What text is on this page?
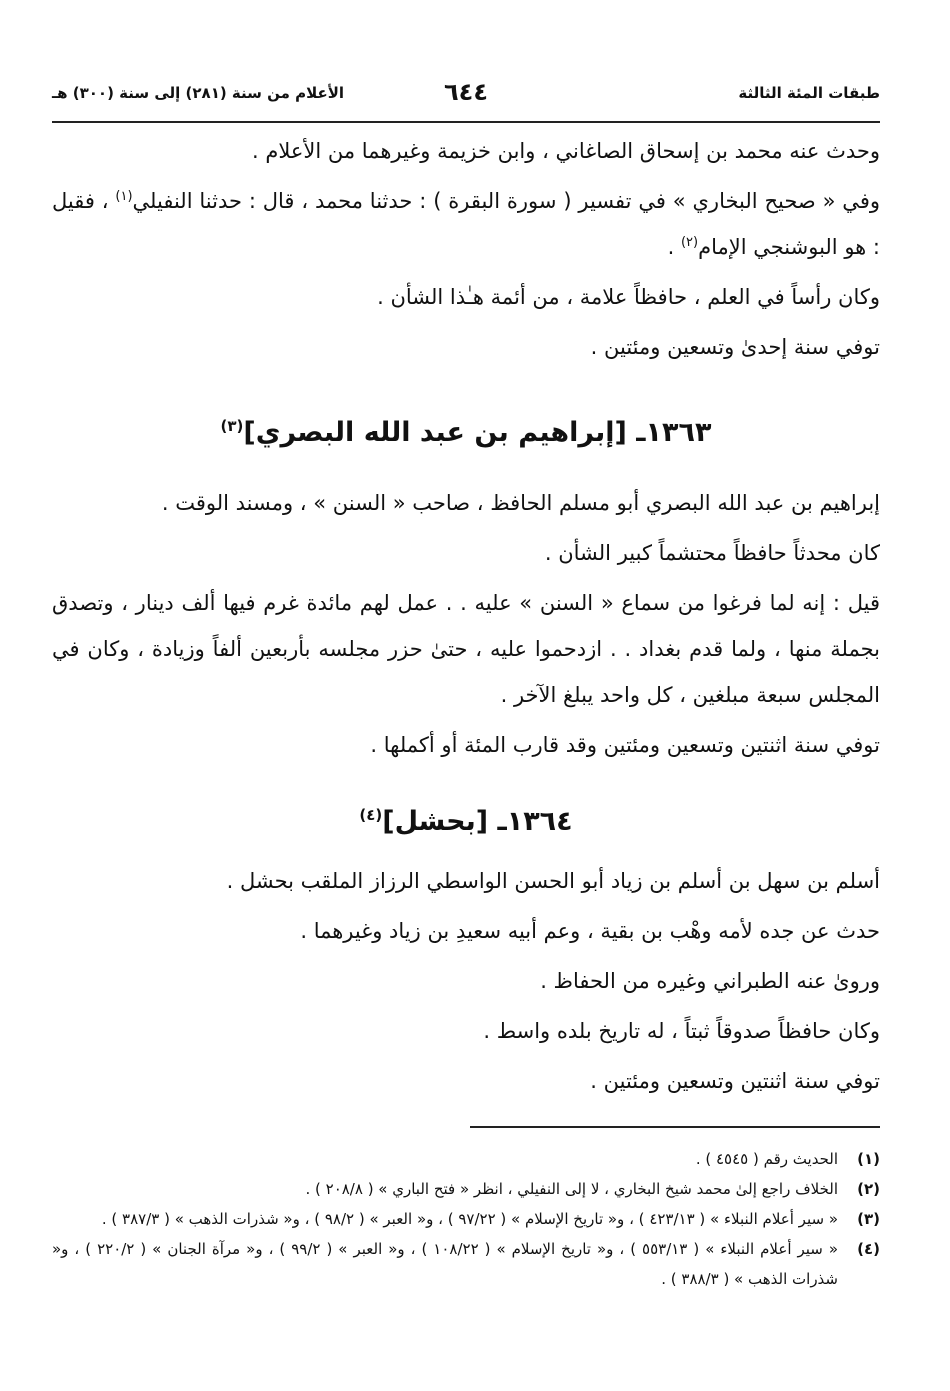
طبقات المئة الثالثة
٦٤٤
الأعلام من سنة (٢٨١) إلى سنة (٣٠٠) هـ

وحدث عنه محمد بن إسحاق الصاغاني ، وابن خزيمة وغيرهما من الأعلام .

وفي « صحيح البخاري » في تفسير ( سورة البقرة ) : حدثنا محمد ، قال : حدثنا النفيلي$^{(١)}$ ، فقيل : هو البوشنجي الإمام$^{(٢)}$ .

وكان رأساً في العلم ، حافظاً علامة ، من أئمة هـٰذا الشأن .

توفي سنة إحدىٰ وتسعين ومئتين .

١٣٦٣ـ [إبراهيم بن عبد الله البصري]$^{(٣)}$

إبراهيم بن عبد الله البصري أبو مسلم الحافظ ، صاحب « السنن » ، ومسند الوقت .

كان محدثاً حافظاً محتشماً كبير الشأن .

قيل : إنه لما فرغوا من سماع « السنن » عليه . . عمل لهم مائدة غرم فيها ألف دينار ، وتصدق بجملة منها ، ولما قدم بغداد . . ازدحموا عليه ، حتىٰ حزر مجلسه بأربعين ألفاً وزيادة ، وكان في المجلس سبعة مبلغين ، كل واحد يبلغ الآخر .

توفي سنة اثنتين وتسعين ومئتين وقد قارب المئة أو أكملها .

١٣٦٤ـ [بحشل]$^{(٤)}$

أسلم بن سهل بن أسلم بن زياد أبو الحسن الواسطي الرزاز الملقب بحشل .

حدث عن جده لأمه وهْب بن بقية ، وعم أبيه سعيدِ بن زياد وغيرهما .

وروىٰ عنه الطبراني وغيره من الحفاظ .

وكان حافظاً صدوقاً ثبتاً ، له تاريخ بلده واسط .

توفي سنة اثنتين وتسعين ومئتين .

(١)
الحديث رقم ( ٤٥٤٥ ) .
(٢)
الخلاف راجع إلىٰ محمد شيخ البخاري ، لا إلى النفيلي ، انظر « فتح الباري » ( ٢٠٨/٨ ) .
(٣)
« سير أعلام النبلاء » ( ٤٢٣/١٣ ) ، و« تاريخ الإسلام » ( ٩٧/٢٢ ) ، و« العبر » ( ٩٨/٢ ) ، و« شذرات الذهب » ( ٣٨٧/٣ ) .
(٤)
« سير أعلام النبلاء » ( ٥٥٣/١٣ ) ، و« تاريخ الإسلام » ( ١٠٨/٢٢ ) ، و« العبر » ( ٩٩/٢ ) ، و« مرآة الجنان » ( ٢٢٠/٢ ) ، و« شذرات الذهب » ( ٣٨٨/٣ ) .
